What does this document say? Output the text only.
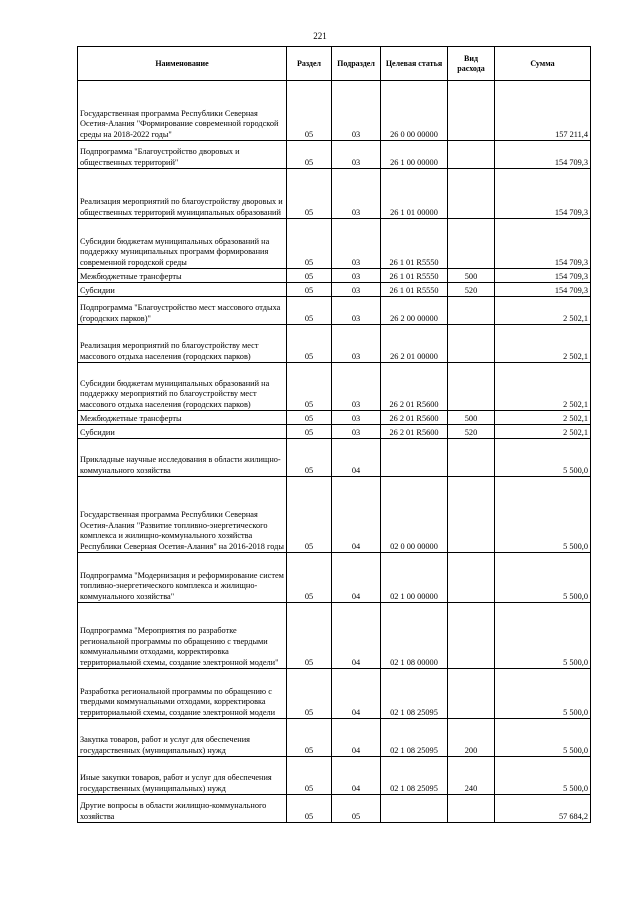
221
Наименование	Раздел	Подраздел	Целевая статья	Вид расхода	Сумма
Государственная программа Республики Северная Осетия-Алания "Формирование современной городской среды на 2018-2022 годы"	05	03	26 0 00 00000		157 211,4
Подпрограмма "Благоустройство дворовых и общественных территорий"	05	03	26 1 00 00000		154 709,3
Реализация мероприятий по благоустройству дворовых и общественных территорий муниципальных образований	05	03	26 1 01 00000		154 709,3
Субсидии бюджетам муниципальных образований на поддержку муниципальных программ формирования современной городской среды	05	03	26 1 01 R5550		154 709,3
Межбюджетные трансферты	05	03	26 1 01 R5550	500	154 709,3
Субсидии	05	03	26 1 01 R5550	520	154 709,3
Подпрограмма "Благоустройство мест массового отдыха (городских парков)"	05	03	26 2 00 00000		2 502,1
Реализация мероприятий по благоустройству мест массового отдыха населения (городских парков)	05	03	26 2 01 00000		2 502,1
Субсидии бюджетам муниципальных образований на поддержку мероприятий по благоустройству мест массового отдыха населения (городских парков)	05	03	26 2 01 R5600		2 502,1
Межбюджетные трансферты	05	03	26 2 01 R5600	500	2 502,1
Субсидии	05	03	26 2 01 R5600	520	2 502,1
Прикладные научные исследования в области жилищно-коммунального хозяйства	05	04			5 500,0
Государственная программа Республики Северная Осетия-Алания "Развитие топливно-энергетического комплекса и жилищно-коммунального хозяйства Республики Северная Осетия-Алания" на 2016-2018 годы	05	04	02 0 00 00000		5 500,0
Подпрограмма "Модернизация и реформирование систем топливно-энергетического комплекса и жилищно-коммунального хозяйства"	05	04	02 1 00 00000		5 500,0
Подпрограмма "Мероприятия по разработке региональной программы по обращению с твердыми коммунальными отходами, корректировка территориальной схемы, создание электронной модели"	05	04	02 1 08 00000		5 500,0
Разработка региональной программы по обращению с твердыми коммунальными отходами, корректировка территориальной схемы, создание электронной модели	05	04	02 1 08 25095		5 500,0
Закупка товаров, работ и услуг для обеспечения государственных (муниципальных) нужд	05	04	02 1 08 25095	200	5 500,0
Иные закупки товаров, работ и услуг для обеспечения государственных (муниципальных) нужд	05	04	02 1 08 25095	240	5 500,0
Другие вопросы в области жилищно-коммунального хозяйства	05	05			57 684,2
